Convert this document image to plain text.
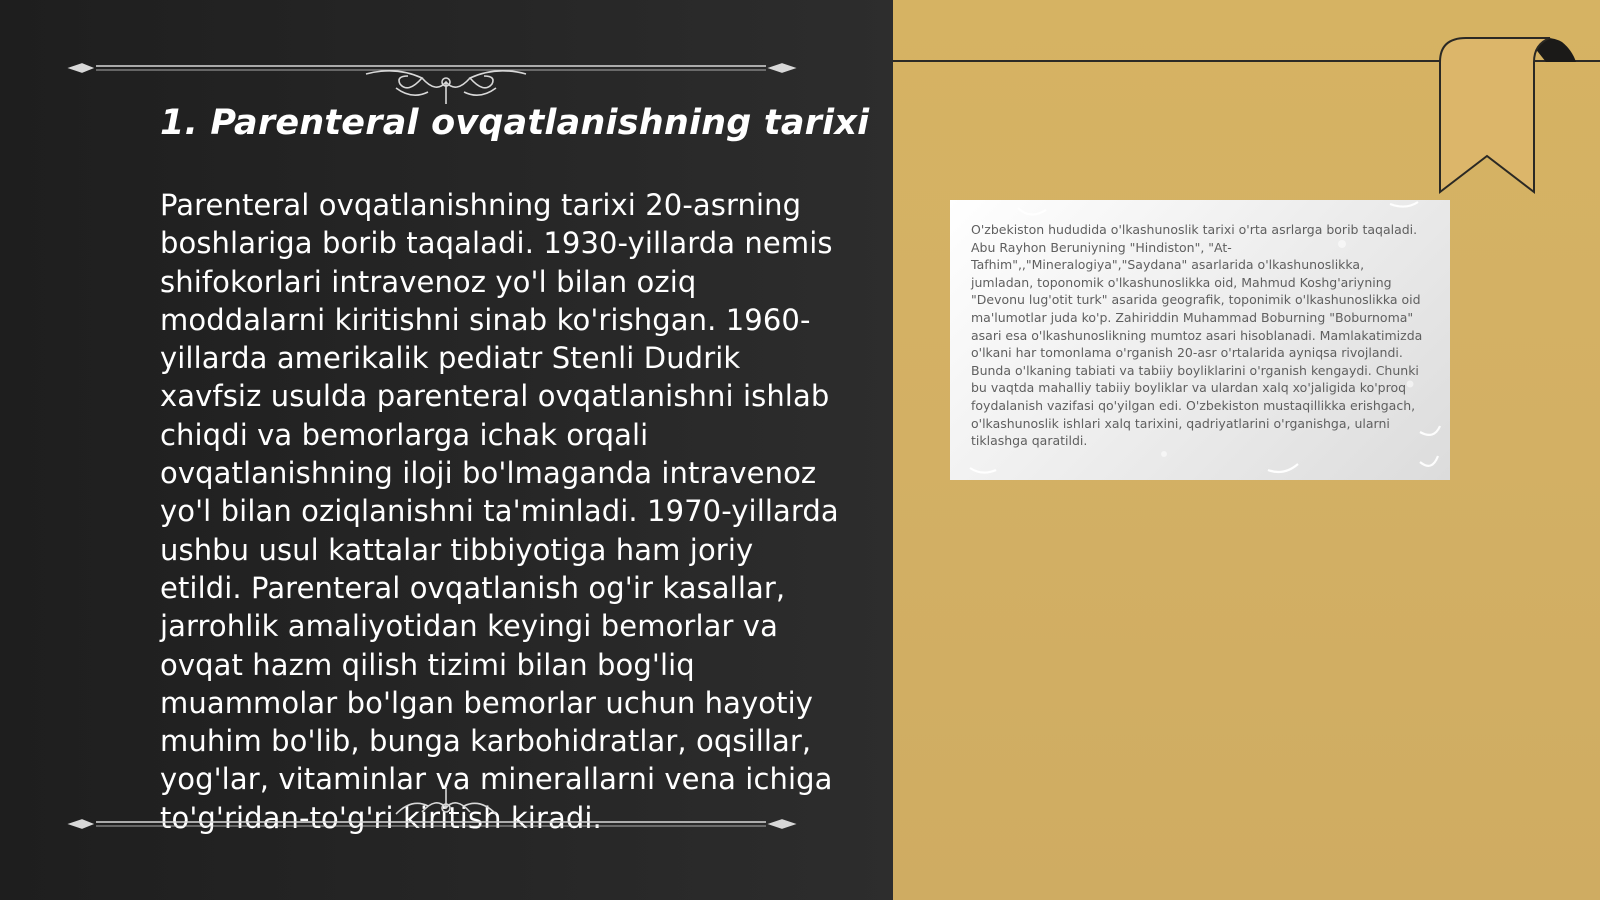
1. Parenteral ovqatlanishning tarixi

Parenteral ovqatlanishning tarixi 20-asrning boshlariga borib taqaladi. 1930-yillarda nemis shifokorlari intravenoz yo'l bilan oziq moddalarni kiritishni sinab ko'rishgan. 1960-yillarda amerikalik pediatr Stenli Dudrik xavfsiz usulda parenteral ovqatlanishni ishlab chiqdi va bemorlarga ichak orqali ovqatlanishning iloji bo'lmaganda intravenoz yo'l bilan oziqlanishni ta'minladi. 1970-yillarda ushbu usul kattalar tibbiyotiga ham joriy etildi. Parenteral ovqatlanish og'ir kasallar, jarrohlik amaliyotidan keyingi bemorlar va ovqat hazm qilish tizimi bilan bog'liq muammolar bo'lgan bemorlar uchun hayotiy muhim bo'lib, bunga karbohidratlar, oqsillar, yog'lar, vitaminlar va minerallarni vena ichiga to'g'ridan-to'g'ri kiritish kiradi.

O'zbekiston hududida o'lkashunoslik tarixi o'rta asrlarga borib taqaladi. Abu Rayhon Beruniyning "Hindiston", "At-Tafhim",,"Mineralogiya","Saydana" asarlarida o'lkashunoslikka, jumladan, toponomik o'lkashunoslikka oid, Mahmud Koshg'ariyning "Devonu lug'otit turk" asarida geografik, toponimik o'lkashunoslikka oid ma'lumotlar juda ko'p. Zahiriddin Muhammad Boburning "Boburnoma" asari esa o'lkashunoslikning mumtoz asari hisoblanadi. Mamlakatimizda o'lkani har tomonlama o'rganish 20-asr o'rtalarida ayniqsa rivojlandi. Bunda o'lkaning tabiati va tabiiy boyliklarini o'rganish kengaydi. Chunki bu vaqtda mahalliy tabiiy boyliklar va ulardan xalq xo'jaligida ko'proq foydalanish vazifasi qo'yilgan edi. O'zbekiston mustaqillikka erishgach, o'lkashunoslik ishlari xalq tarixini, qadriyatlarini o'rganishga, ularni tiklashga qaratildi.
